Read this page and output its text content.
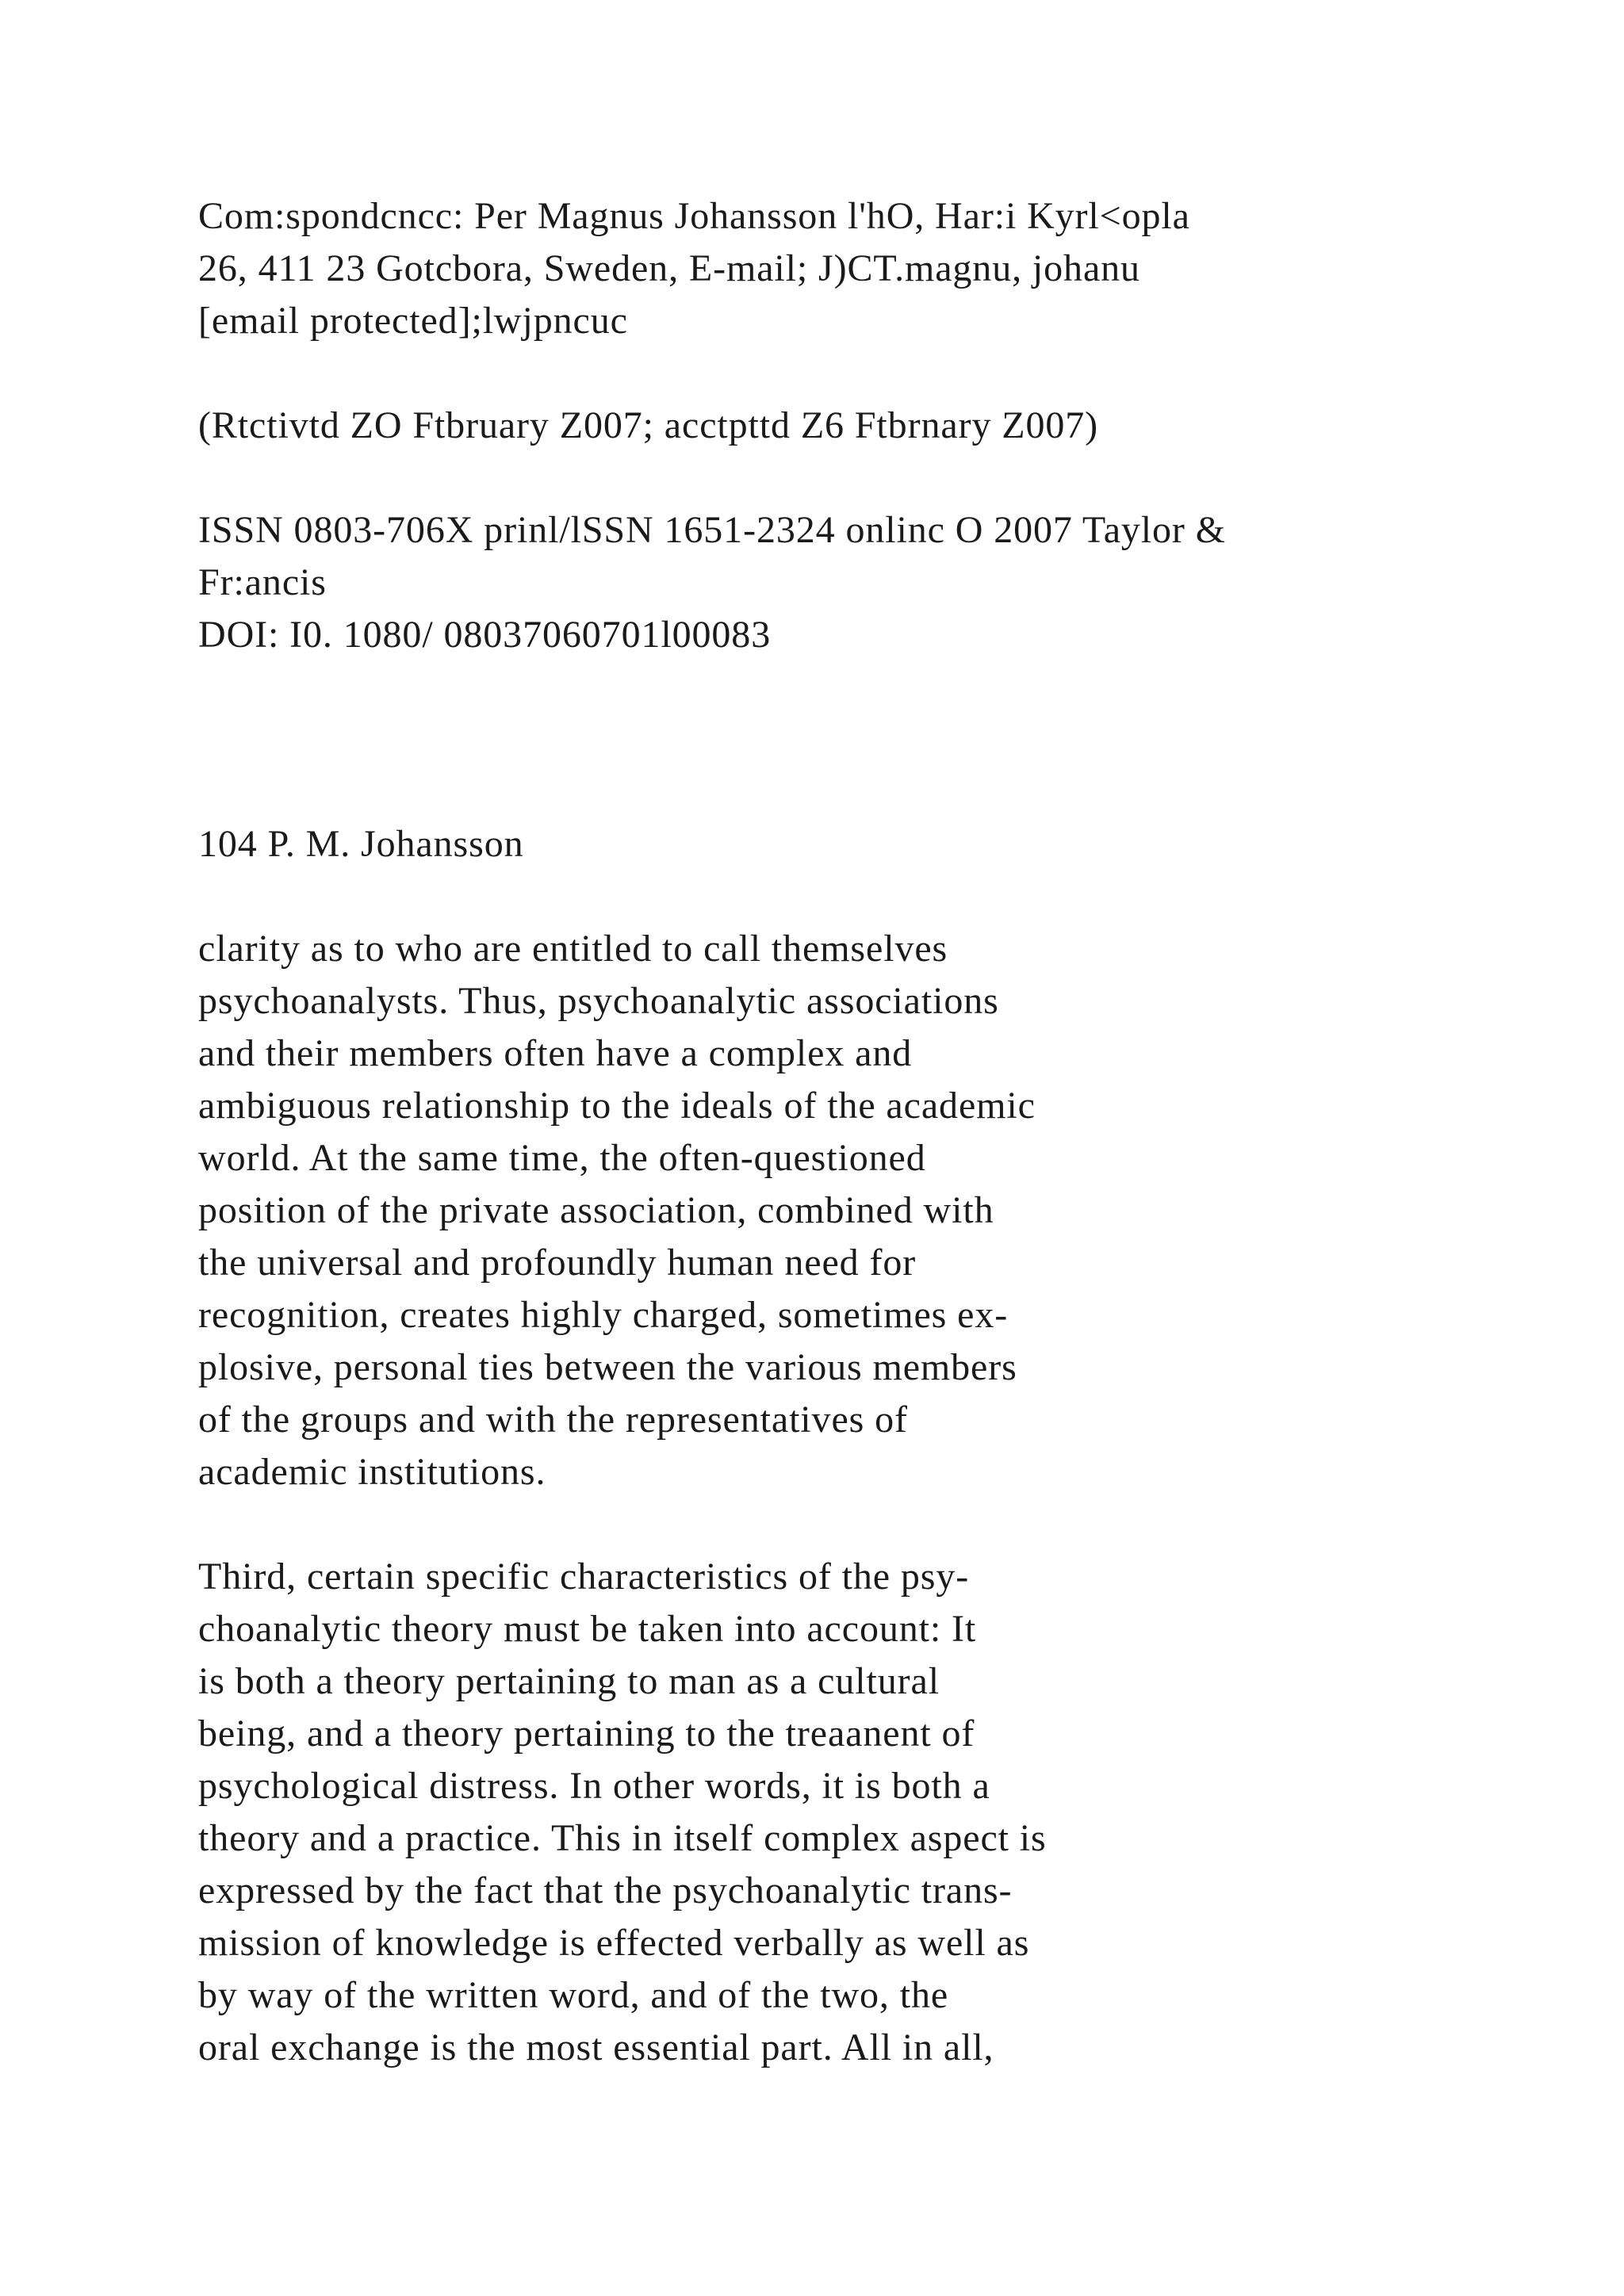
Com:spondcncc: Per Magnus Johansson l'hO, Har:i Kyrl<opla
26, 411 23 Gotcbora, Sweden, E-mail; J)CT.magnu, johanu
[email protected];lwjpncuc
(Rtctivtd ZO Ftbruary Z007; acctpttd Z6 Ftbrnary Z007)
ISSN 0803-706X prinl/lSSN 1651-2324 onlinc O 2007 Taylor &
Fr:ancis
DOI: I0. 1080/ 08037060701l00083
104 P. M. Johansson
clarity as to who are entitled to call themselves
psychoanalysts. Thus, psychoanalytic associations
and their members often have a complex and
ambiguous relationship to the ideals of the academic
world. At the same time, the often-questioned
position of the private association, combined with
the universal and profoundly human need for
recognition, creates highly charged, sometimes ex-
plosive, personal ties between the various members
of the groups and with the representatives of
academic institutions.
Third, certain specific characteristics of the psy-
choanalytic theory must be taken into account: It
is both a theory pertaining to man as a cultural
being, and a theory pertaining to the treaanent of
psychological distress. In other words, it is both a
theory and a practice. This in itself complex aspect is
expressed by the fact that the psychoanalytic trans-
mission of knowledge is effected verbally as well as
by way of the written word, and of the two, the
oral exchange is the most essential part. All in all,
